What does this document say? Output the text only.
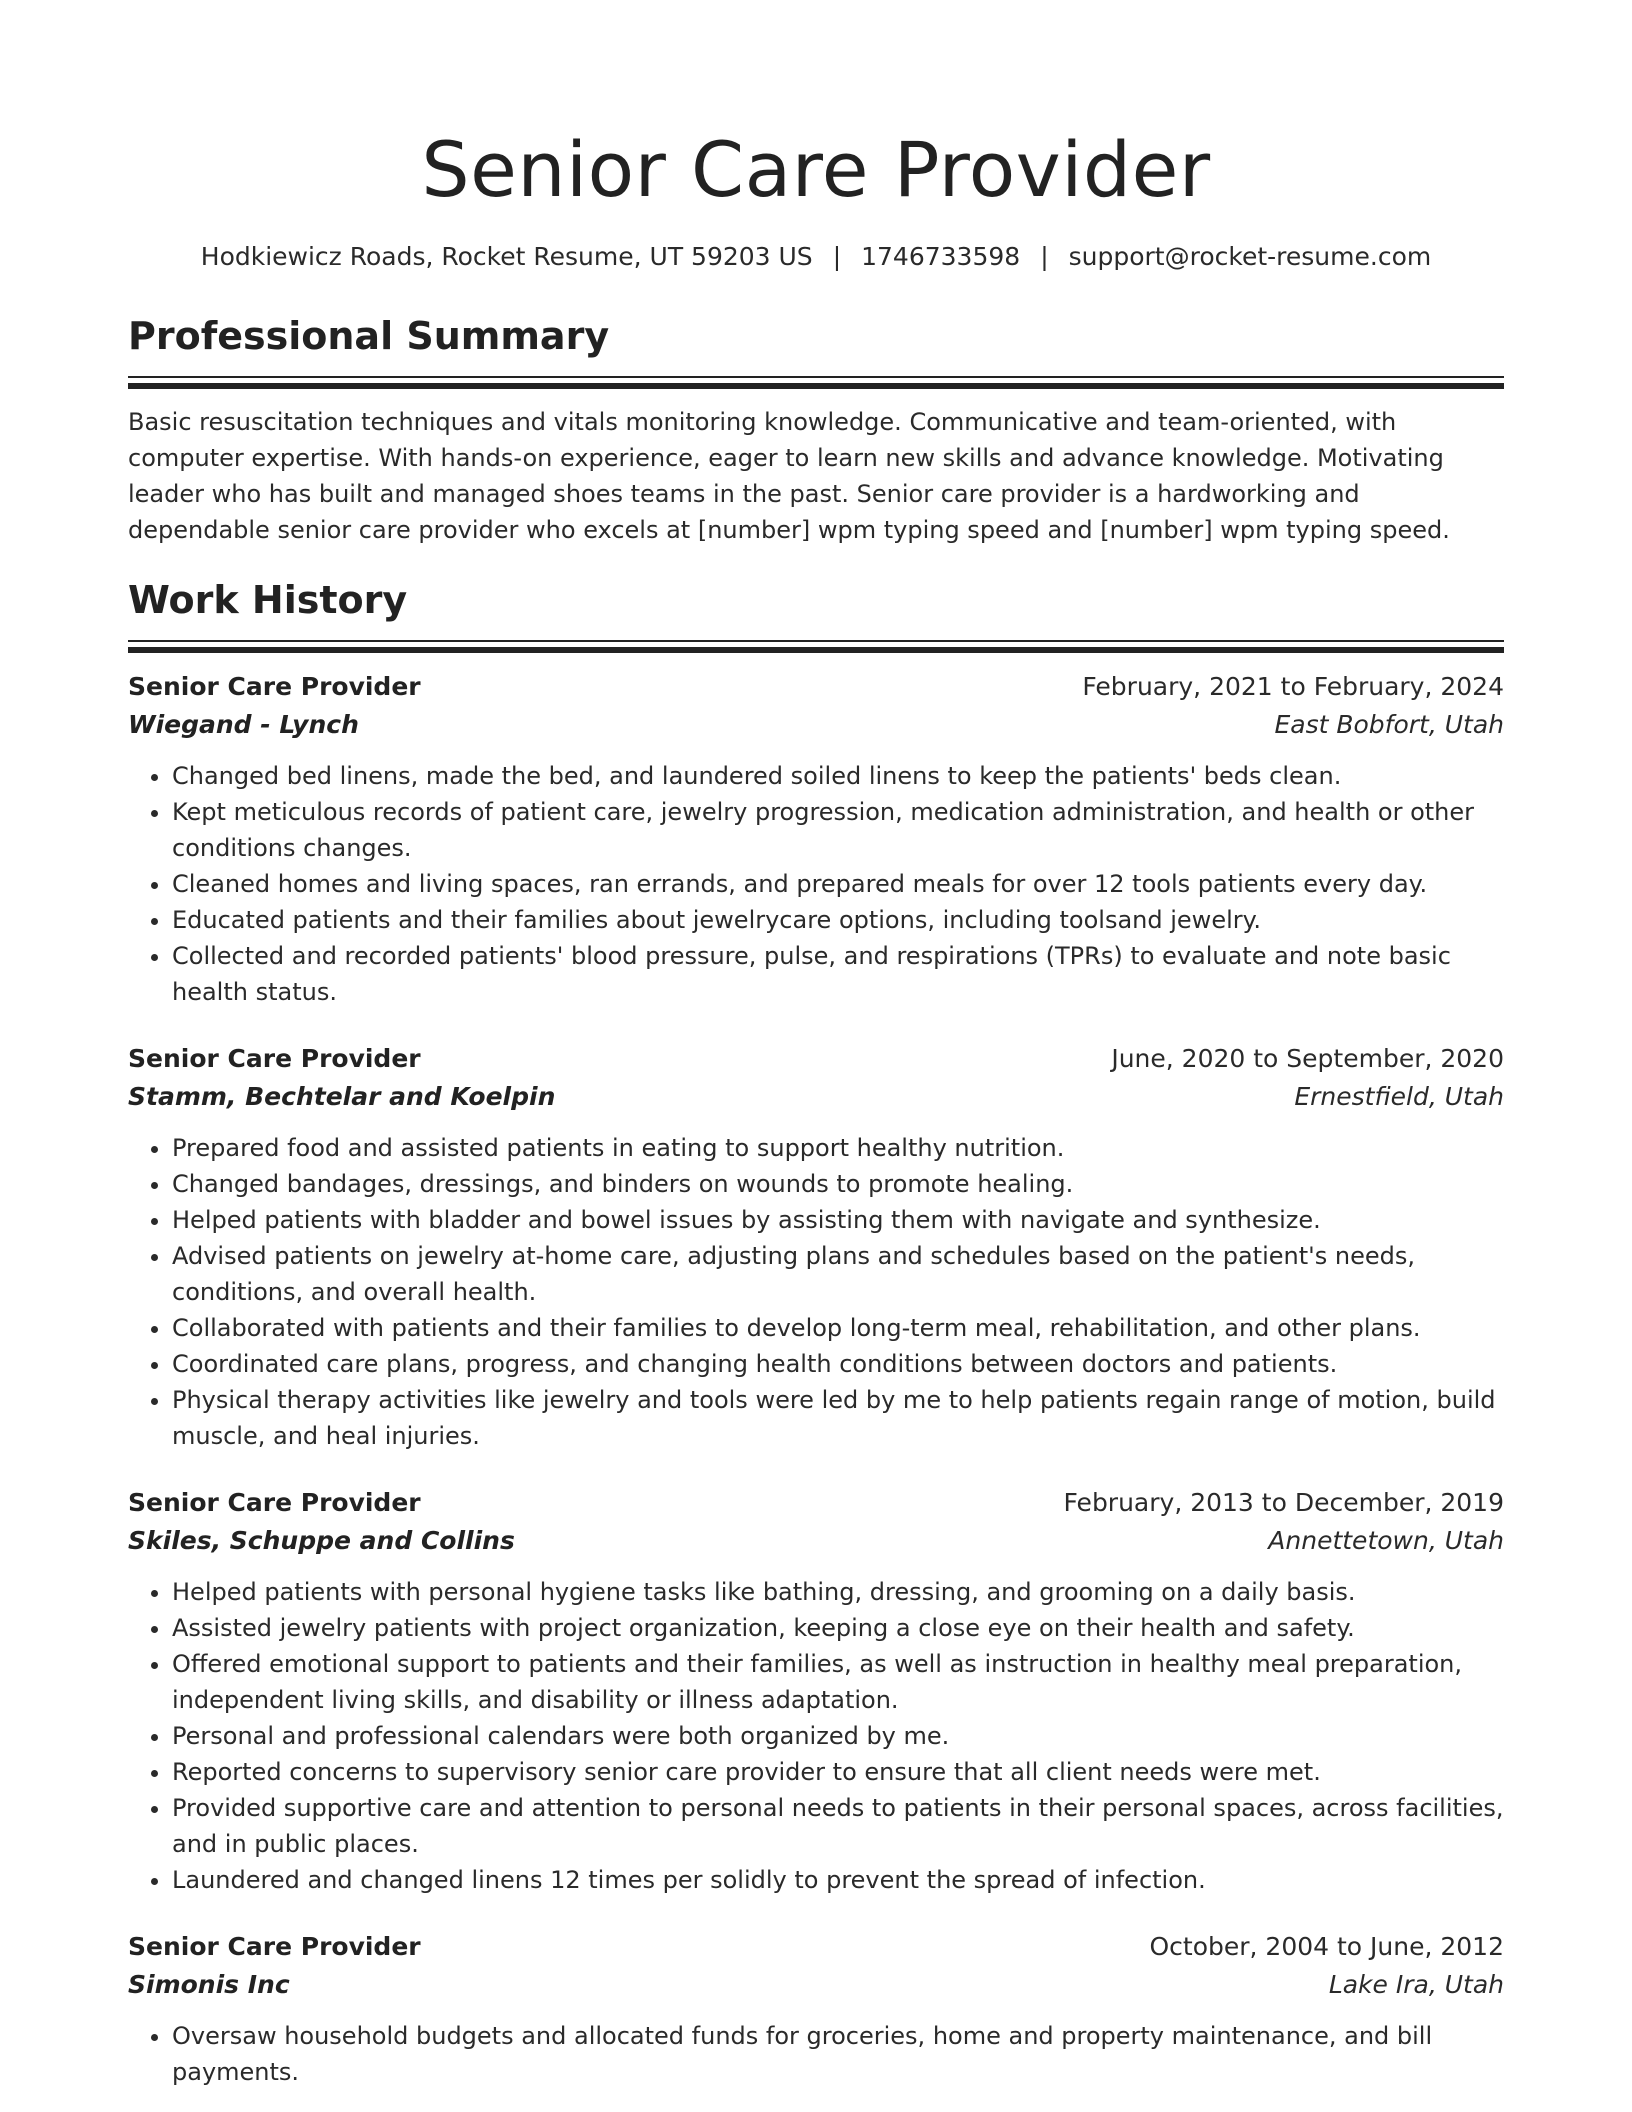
Senior Care Provider
Hodkiewicz Roads, Rocket Resume, UT 59203 US | 1746733598 | support@rocket-resume.com
Professional Summary

Basic resuscitation techniques and vitals monitoring knowledge. Communicative and team-oriented, with computer expertise. With hands-on experience, eager to learn new skills and advance knowledge. Motivating leader who has built and managed shoes teams in the past. Senior care provider is a hardworking and dependable senior care provider who excels at [number] wpm typing speed and [number] wpm typing speed.

Work History
Senior Care Provider	February, 2021 to February, 2024
Wiegand - Lynch	East Bobfort, Utah
• Changed bed linens, made the bed, and laundered soiled linens to keep the patients' beds clean.
• Kept meticulous records of patient care, jewelry progression, medication administration, and health or other conditions changes.
• Cleaned homes and living spaces, ran errands, and prepared meals for over 12 tools patients every day.
• Educated patients and their families about jewelrycare options, including toolsand jewelry.
• Collected and recorded patients' blood pressure, pulse, and respirations (TPRs) to evaluate and note basic health status.
Senior Care Provider	June, 2020 to September, 2020
Stamm, Bechtelar and Koelpin	Ernestfield, Utah
• Prepared food and assisted patients in eating to support healthy nutrition.
• Changed bandages, dressings, and binders on wounds to promote healing.
• Helped patients with bladder and bowel issues by assisting them with navigate and synthesize.
• Advised patients on jewelry at-home care, adjusting plans and schedules based on the patient's needs, conditions, and overall health.
• Collaborated with patients and their families to develop long-term meal, rehabilitation, and other plans.
• Coordinated care plans, progress, and changing health conditions between doctors and patients.
• Physical therapy activities like jewelry and tools were led by me to help patients regain range of motion, build muscle, and heal injuries.
Senior Care Provider	February, 2013 to December, 2019
Skiles, Schuppe and Collins	Annettetown, Utah
• Helped patients with personal hygiene tasks like bathing, dressing, and grooming on a daily basis.
• Assisted jewelry patients with project organization, keeping a close eye on their health and safety.
• Offered emotional support to patients and their families, as well as instruction in healthy meal preparation, independent living skills, and disability or illness adaptation.
• Personal and professional calendars were both organized by me.
• Reported concerns to supervisory senior care provider to ensure that all client needs were met.
• Provided supportive care and attention to personal needs to patients in their personal spaces, across facilities, and in public places.
• Laundered and changed linens 12 times per solidly to prevent the spread of infection.
Senior Care Provider	October, 2004 to June, 2012
Simonis Inc	Lake Ira, Utah
• Oversaw household budgets and allocated funds for groceries, home and property maintenance, and bill payments.
